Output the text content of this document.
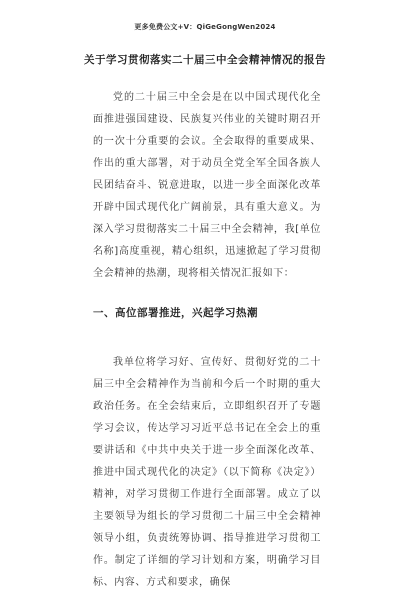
更多免费公文+V：QiGeGongWen2024
关于学习贯彻落实二十届三中全会精神情况的报告

党的二十届三中全会是在以中国式现代化全面推进强国建设、民族复兴伟业的关键时期召开的一次十分重要的会议。全会取得的重要成果、作出的重大部署，对于动员全党全军全国各族人民团结奋斗、锐意进取，以进一步全面深化改革开辟中国式现代化广阔前景，具有重大意义。为深入学习贯彻落实二十届三中全会精神，我[单位名称]高度重视，精心组织，迅速掀起了学习贯彻全会精神的热潮，现将相关情况汇报如下：

一、高位部署推进，兴起学习热潮

我单位将学习好、宣传好、贯彻好党的二十届三中全会精神作为当前和今后一个时期的重大政治任务。在全会结束后，立即组织召开了专题学习会议，传达学习习近平总书记在全会上的重要讲话和《中共中央关于进一步全面深化改革、推进中国式现代化的决定》（以下简称《决定》）精神，对学习贯彻工作进行全面部署。成立了以主要领导为组长的学习贯彻二十届三中全会精神领导小组，负责统筹协调、指导推进学习贯彻工作。制定了详细的学习计划和方案，明确学习目标、内容、方式和要求，确保
